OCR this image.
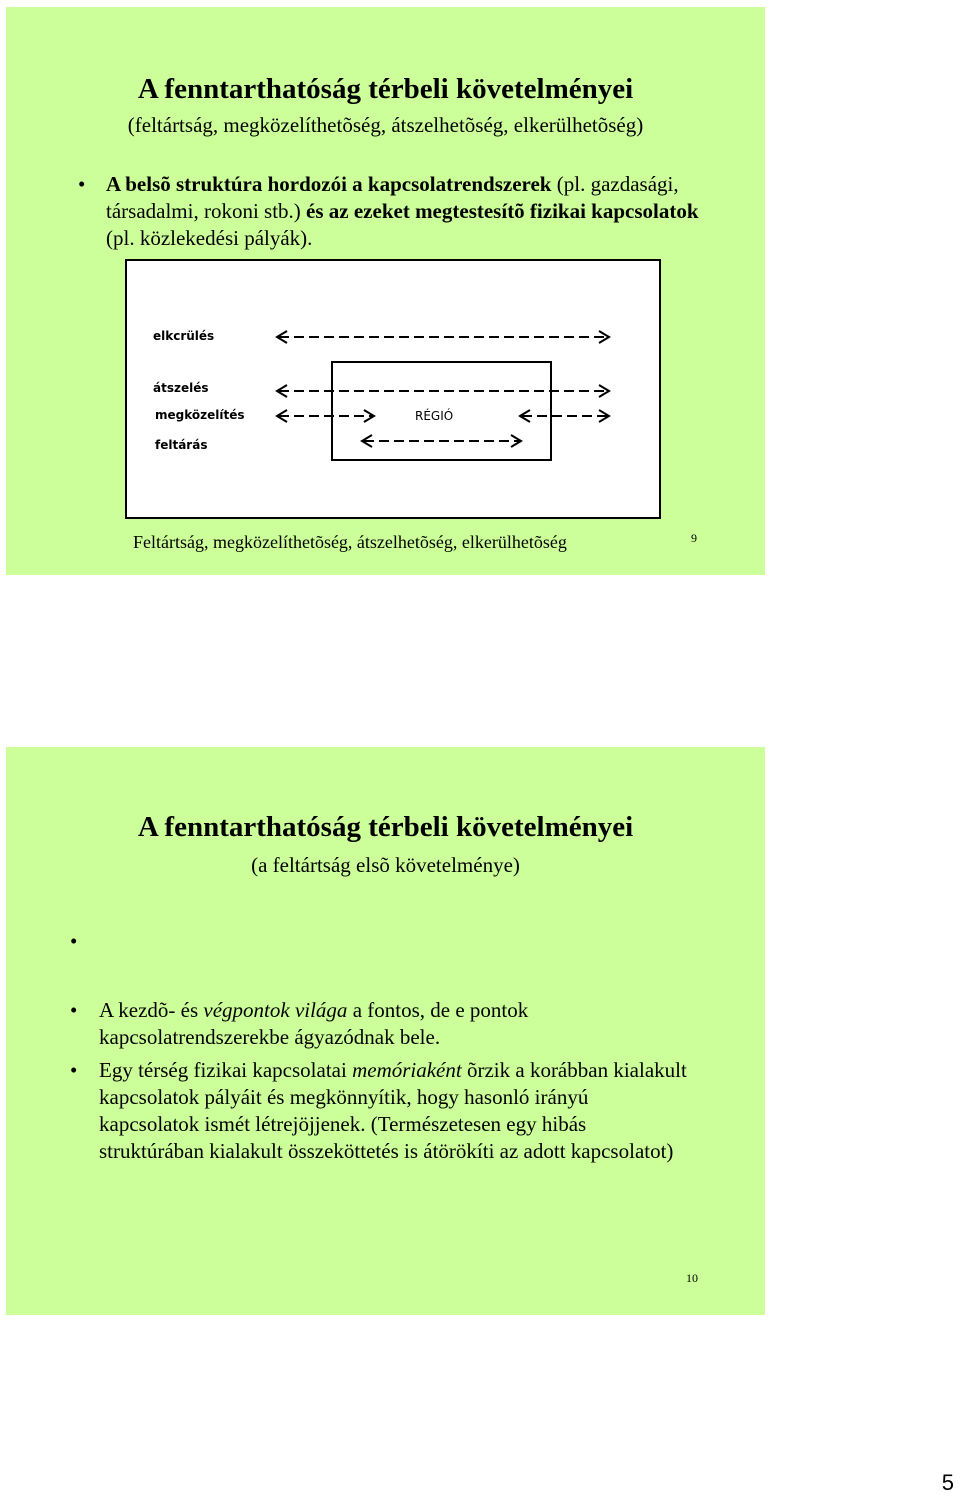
A fenntarthatóság térbeli követelményei
(feltártság, megközelíthetõség, átszelhetõség, elkerülhetõség)
• A belsõ struktúra hordozói a kapcsolatrendszerek (pl. gazdasági, társadalmi, rokoni stb.) és az ezeket megtestesítõ fizikai kapcsolatok (pl. közlekedési pályák).
elkcrülés
átszelés
megközelítés
feltárás
RÉGIÓ
Feltártság, megközelíthetõség, átszelhetõség, elkerülhetõség	9
A fenntarthatóság térbeli követelményei
(a feltártság elsõ követelménye)
•
• A kezdõ- és végpontok világa a fontos, de e pontok kapcsolatrendszerekbe ágyazódnak bele.
• Egy térség fizikai kapcsolatai memóriaként õrzik a korábban kialakult kapcsolatok pályáit és megkönnyítik, hogy hasonló irányú kapcsolatok ismét létrejöjjenek. (Természetesen egy hibás struktúrában kialakult összeköttetés is átörökíti az adott kapcsolatot)
10
5
